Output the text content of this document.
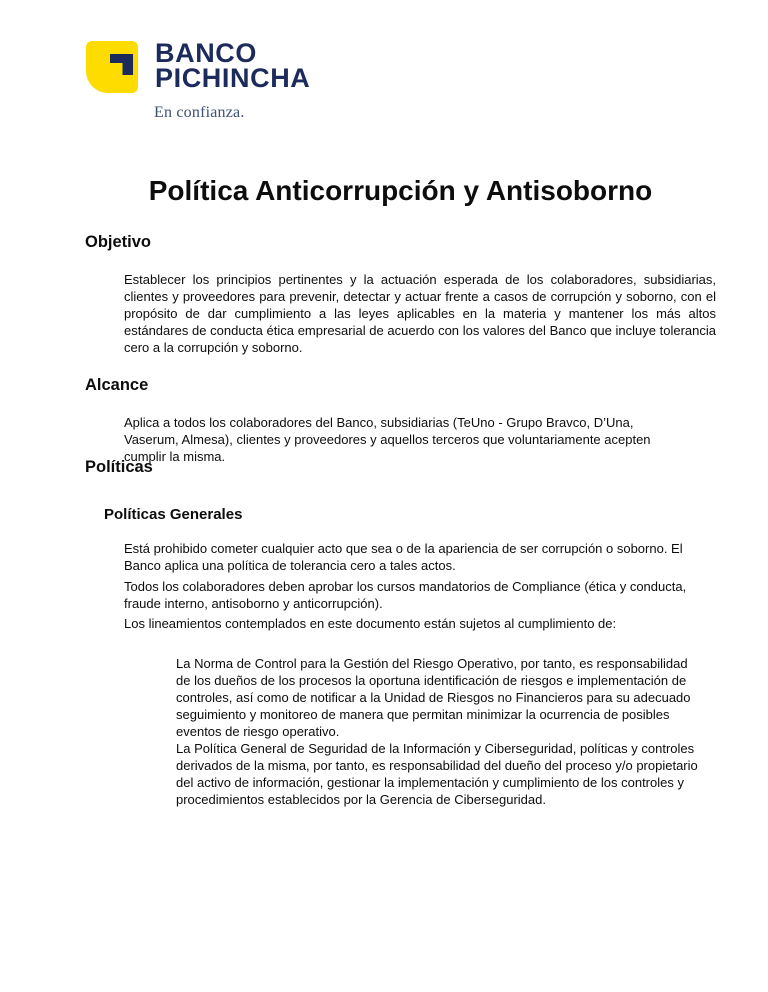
BANCO
PICHINCHA
En confianza.
Política Anticorrupción y Antisoborno
Objetivo
Establecer los principios pertinentes y la actuación esperada de los colaboradores, subsidiarias, clientes y proveedores para prevenir, detectar y actuar frente a casos de corrupción y soborno, con el propósito de dar cumplimiento a las leyes aplicables en la materia y mantener los más altos estándares de conducta ética empresarial de acuerdo con los valores del Banco que incluye tolerancia cero a la corrupción y soborno.
Alcance
Aplica a todos los colaboradores del Banco, subsidiarias (TeUno - Grupo Bravco, D’Una, Vaserum, Almesa), clientes y proveedores y aquellos terceros que voluntariamente acepten cumplir la misma.
Políticas
Políticas Generales
Está prohibido cometer cualquier acto que sea o de la apariencia de ser corrupción o soborno. El Banco aplica una política de tolerancia cero a tales actos.
Todos los colaboradores deben aprobar los cursos mandatorios de Compliance (ética y conducta, fraude interno, antisoborno y anticorrupción).
Los lineamientos contemplados en este documento están sujetos al cumplimiento de:
La Norma de Control para la Gestión del Riesgo Operativo, por tanto, es responsabilidad de los dueños de los procesos la oportuna identificación de riesgos e implementación de controles, así como de notificar a la Unidad de Riesgos no Financieros para su adecuado seguimiento y monitoreo de manera que permitan minimizar la ocurrencia de posibles eventos de riesgo operativo.
La Política General de Seguridad de la Información y Ciberseguridad, políticas y controles derivados de la misma, por tanto, es responsabilidad del dueño del proceso y/o propietario del activo de información, gestionar la implementación y cumplimiento de los controles y procedimientos establecidos por la Gerencia de Ciberseguridad.
